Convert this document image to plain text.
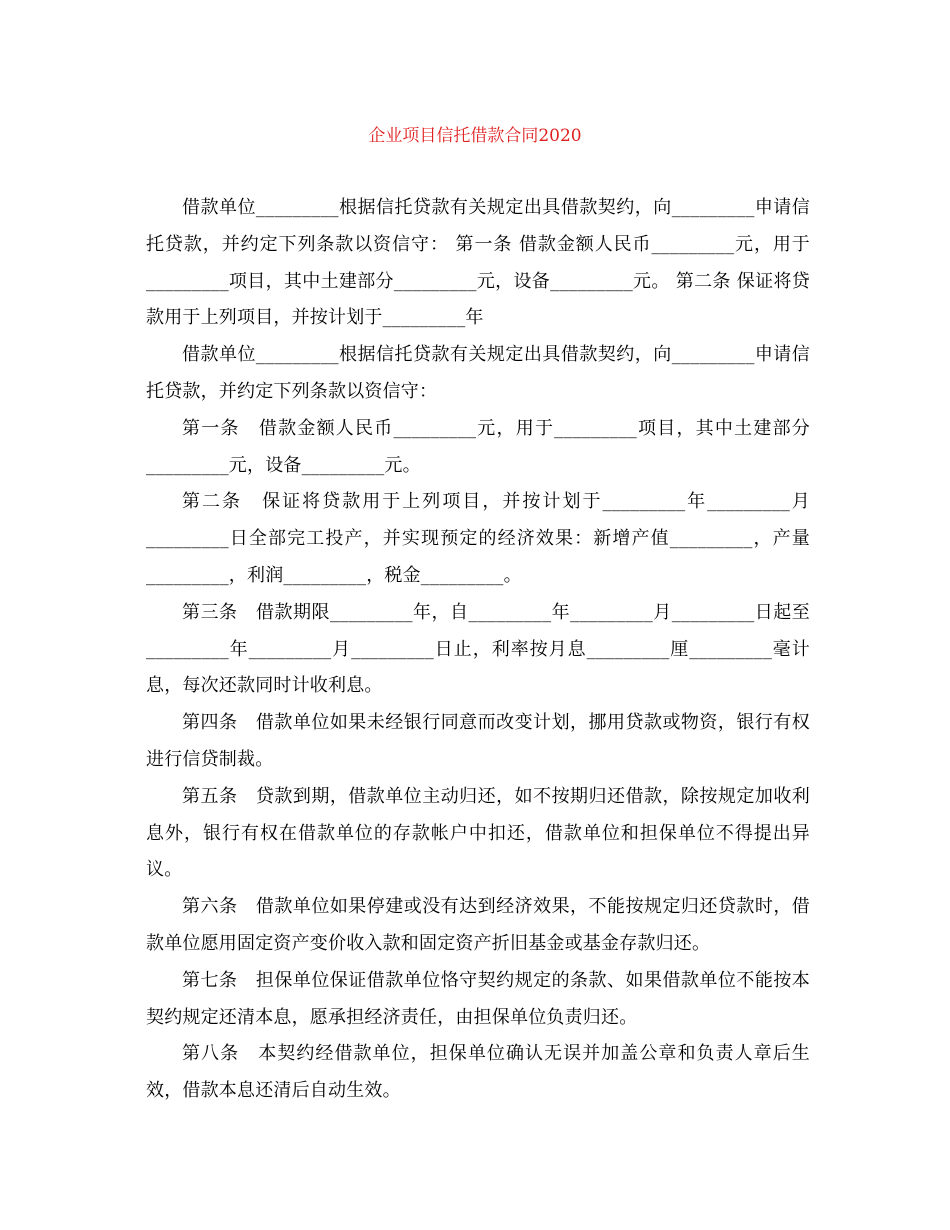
企业项目信托借款合同2020

借款单位_________根据信托贷款有关规定出具借款契约，向_________申请信托贷款，并约定下列条款以资信守： 第一条 借款金额人民币_________元，用于_________项目，其中土建部分_________元，设备_________元。 第二条 保证将贷款用于上列项目，并按计划于_________年

借款单位_________根据信托贷款有关规定出具借款契约，向_________申请信托贷款，并约定下列条款以资信守：

第一条　借款金额人民币_________元，用于_________项目，其中土建部分_________元，设备_________元。

第二条　保证将贷款用于上列项目，并按计划于_________年_________月_________日全部完工投产，并实现预定的经济效果：新增产值_________，产量_________，利润_________，税金_________。

第三条　借款期限_________年，自_________年_________月_________日起至_________年_________月_________日止，利率按月息_________厘_________毫计息，每次还款同时计收利息。

第四条　借款单位如果未经银行同意而改变计划，挪用贷款或物资，银行有权进行信贷制裁。

第五条　贷款到期，借款单位主动归还，如不按期归还借款，除按规定加收利息外，银行有权在借款单位的存款帐户中扣还，借款单位和担保单位不得提出异议。

第六条　借款单位如果停建或没有达到经济效果，不能按规定归还贷款时，借款单位愿用固定资产变价收入款和固定资产折旧基金或基金存款归还。

第七条　担保单位保证借款单位恪守契约规定的条款、如果借款单位不能按本契约规定还清本息，愿承担经济责任，由担保单位负责归还。

第八条　本契约经借款单位，担保单位确认无误并加盖公章和负责人章后生效，借款本息还清后自动生效。
